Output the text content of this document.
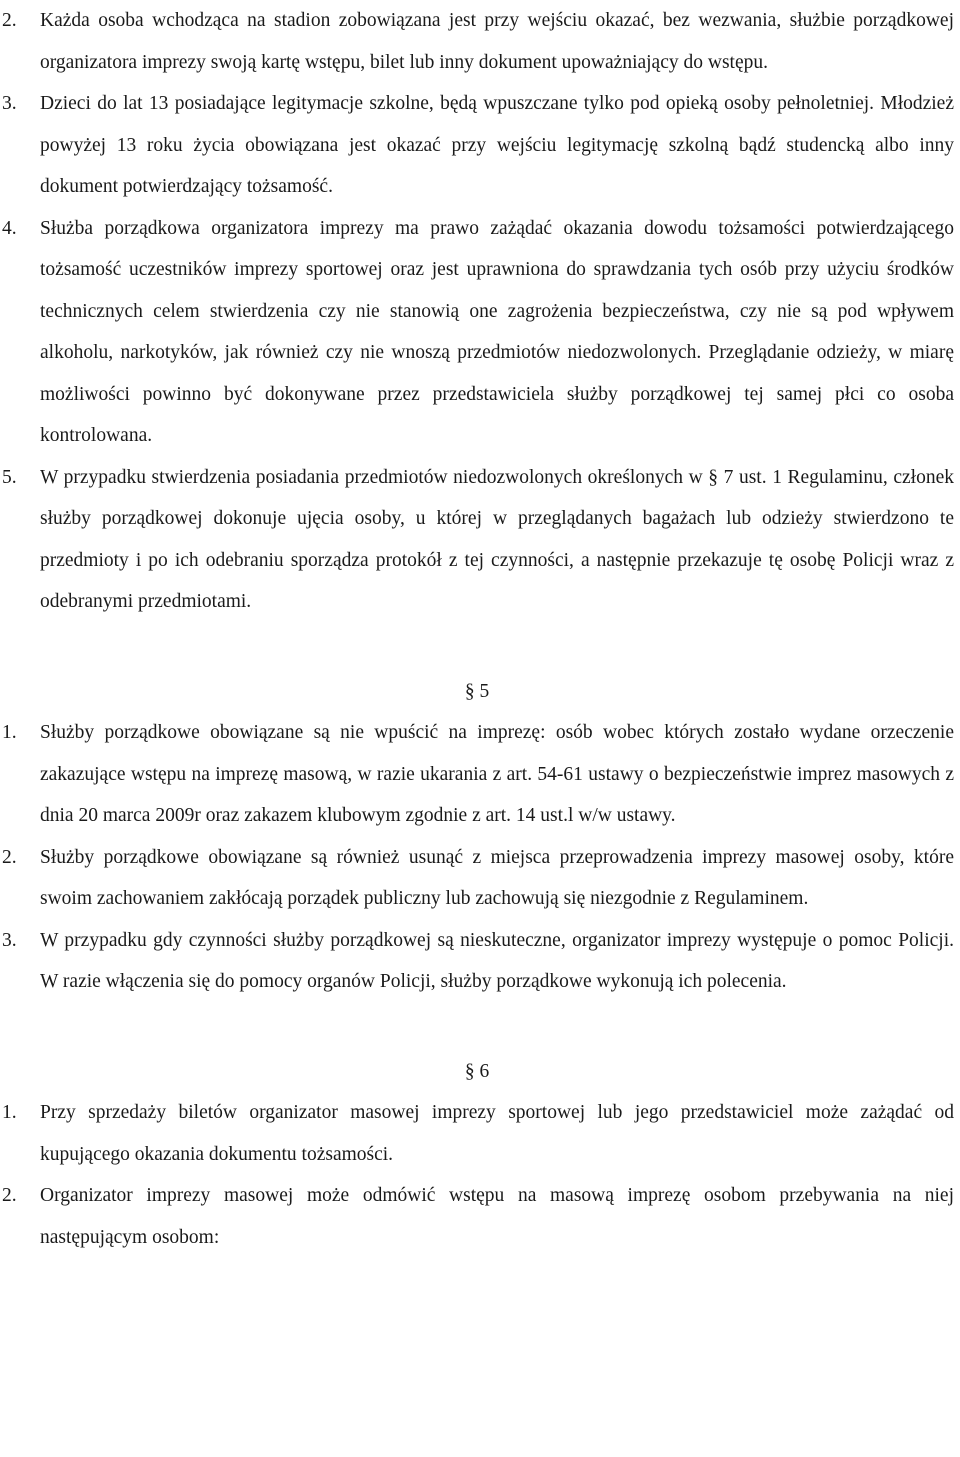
2. Każda osoba wchodząca na stadion zobowiązana jest przy wejściu okazać, bez wezwania, służbie porządkowej organizatora imprezy swoją kartę wstępu, bilet lub inny dokument upoważniający do wstępu.
3. Dzieci do lat 13 posiadające legitymacje szkolne, będą wpuszczane tylko pod opieką osoby pełnoletniej. Młodzież powyżej 13 roku życia obowiązana jest okazać przy wejściu legitymację szkolną bądź studencką albo inny dokument potwierdzający tożsamość.
4. Służba porządkowa organizatora imprezy ma prawo zażądać okazania dowodu tożsamości potwierdzającego tożsamość uczestników imprezy sportowej oraz jest uprawniona do sprawdzania tych osób przy użyciu środków technicznych celem stwierdzenia czy nie stanowią one zagrożenia bezpieczeństwa, czy nie są pod wpływem alkoholu, narkotyków, jak również czy nie wnoszą przedmiotów niedozwolonych. Przeglądanie odzieży, w miarę możliwości powinno być dokonywane przez przedstawiciela służby porządkowej tej samej płci co osoba kontrolowana.
5. W przypadku stwierdzenia posiadania przedmiotów niedozwolonych określonych w § 7 ust. 1 Regulaminu, członek służby porządkowej dokonuje ujęcia osoby, u której w przeglądanych bagażach lub odzieży stwierdzono te przedmioty i po ich odebraniu sporządza protokół z tej czynności, a następnie przekazuje tę osobę Policji wraz z odebranymi przedmiotami.
§ 5
1. Służby porządkowe obowiązane są nie wpuścić na imprezę: osób wobec których zostało wydane orzeczenie zakazujące wstępu na imprezę masową, w razie ukarania z art. 54-61 ustawy o bezpieczeństwie imprez masowych z dnia 20 marca 2009r oraz zakazem klubowym zgodnie z art. 14 ust.l w/w ustawy.
2. Służby porządkowe obowiązane są również usunąć z miejsca przeprowadzenia imprezy masowej osoby, które swoim zachowaniem zakłócają porządek publiczny lub zachowują się niezgodnie z Regulaminem.
3. W przypadku gdy czynności służby porządkowej są nieskuteczne, organizator imprezy występuje o pomoc Policji. W razie włączenia się do pomocy organów Policji, służby porządkowe wykonują ich polecenia.
§ 6
1. Przy sprzedaży biletów organizator masowej imprezy sportowej lub jego przedstawiciel może zażądać od kupującego okazania dokumentu tożsamości.
2. Organizator imprezy masowej może odmówić wstępu na masową imprezę osobom przebywania na niej następującym osobom:
